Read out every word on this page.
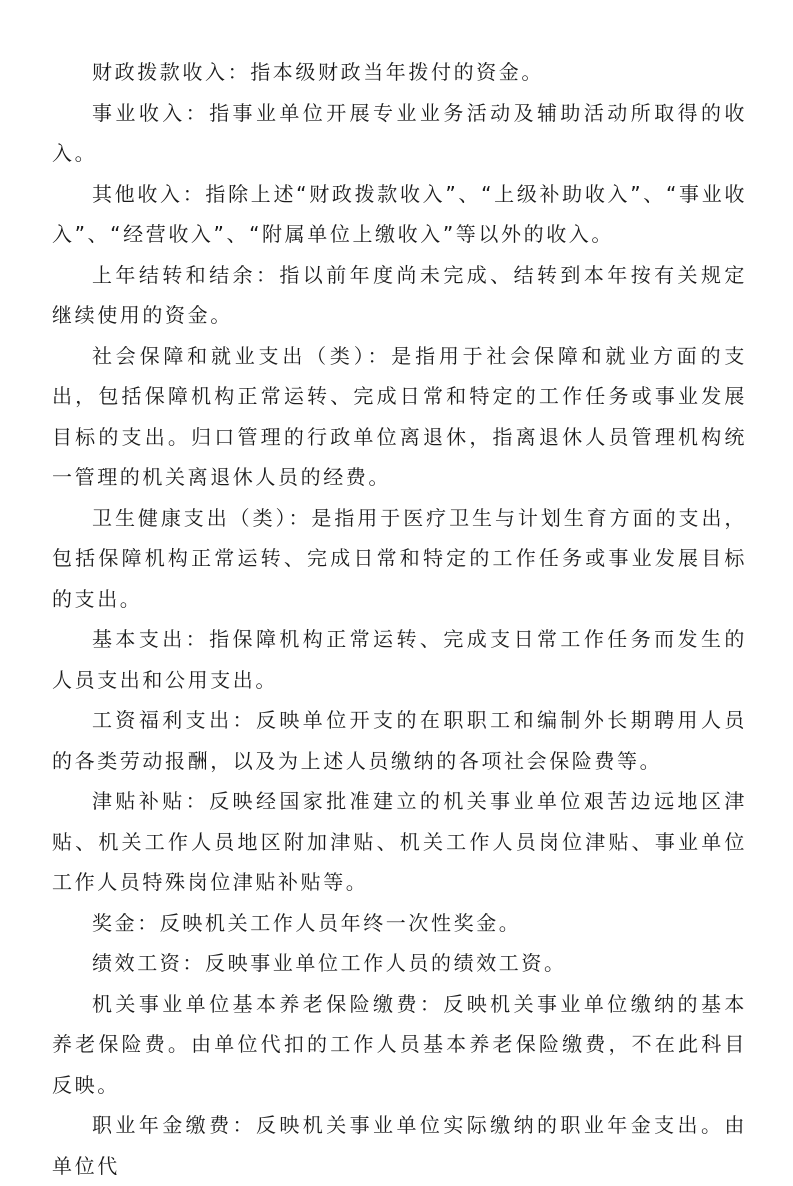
财政拨款收入：指本级财政当年拨付的资金。

事业收入：指事业单位开展专业业务活动及辅助活动所取得的收入。

其他收入：指除上述“财政拨款收入”、“上级补助收入”、“事业收入”、“经营收入”、“附属单位上缴收入”等以外的收入。

上年结转和结余：指以前年度尚未完成、结转到本年按有关规定继续使用的资金。

社会保障和就业支出（类）：是指用于社会保障和就业方面的支出，包括保障机构正常运转、完成日常和特定的工作任务或事业发展目标的支出。归口管理的行政单位离退休，指离退休人员管理机构统一管理的机关离退休人员的经费。

卫生健康支出（类）：是指用于医疗卫生与计划生育方面的支出，包括保障机构正常运转、完成日常和特定的工作任务或事业发展目标的支出。

基本支出：指保障机构正常运转、完成支日常工作任务而发生的人员支出和公用支出。

工资福利支出：反映单位开支的在职职工和编制外长期聘用人员的各类劳动报酬，以及为上述人员缴纳的各项社会保险费等。

津贴补贴：反映经国家批准建立的机关事业单位艰苦边远地区津贴、机关工作人员地区附加津贴、机关工作人员岗位津贴、事业单位工作人员特殊岗位津贴补贴等。

奖金：反映机关工作人员年终一次性奖金。

绩效工资：反映事业单位工作人员的绩效工资。

机关事业单位基本养老保险缴费：反映机关事业单位缴纳的基本养老保险费。由单位代扣的工作人员基本养老保险缴费，不在此科目反映。

职业年金缴费：反映机关事业单位实际缴纳的职业年金支出。由单位代
